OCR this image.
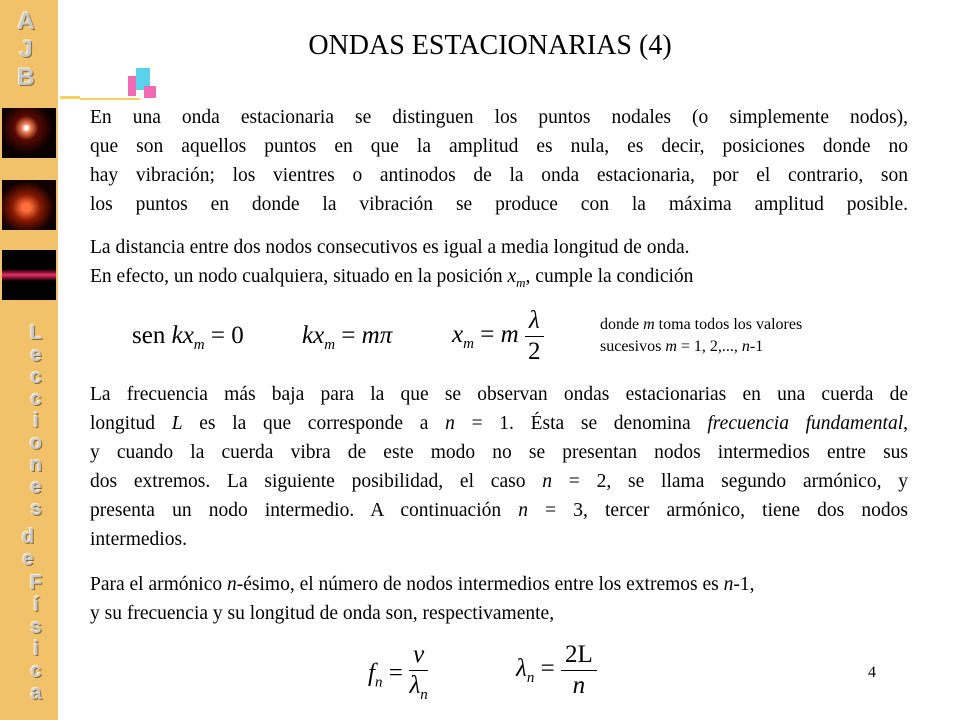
A
J
B
L
e
c
c
i
o
n
e
s
d
e
F
í
s
i
c
a
ONDAS ESTACIONARIAS (4)

En una onda estacionaria se distinguen los puntos nodales (o simplemente nodos),
que son aquellos puntos en que la amplitud es nula, es decir, posiciones donde no
hay vibración; los vientres o antinodos de la onda estacionaria, por el contrario, son
los puntos en donde la vibración se produce con la máxima amplitud posible.

La distancia entre dos nodos consecutivos es igual a media longitud de onda.
En efecto, un nodo cualquiera, situado en la posición $x_m$, cumple la condición

sen $kx_m = 0$ $kx_m = m\pi$ $x_m = m \frac{\lambda}{2}$	donde m toma todos los valores
sucesivos m = 1, 2,..., n-1

La frecuencia más baja para la que se observan ondas estacionarias en una cuerda de
longitud L es la que corresponde a n = 1. Ésta se denomina frecuencia fundamental,
y cuando la cuerda vibra de este modo no se presentan nodos intermedios entre sus
dos extremos. La siguiente posibilidad, el caso n = 2, se llama segundo armónico, y
presenta un nodo intermedio. A continuación n = 3, tercer armónico, tiene dos nodos
intermedios.

Para el armónico n-ésimo, el número de nodos intermedios entre los extremos es n-1,
y su frecuencia y su longitud de onda son, respectivamente,

$f_n = \frac{v}{\lambda_n}$	$\lambda_n = \frac{2L}{n}$	4
